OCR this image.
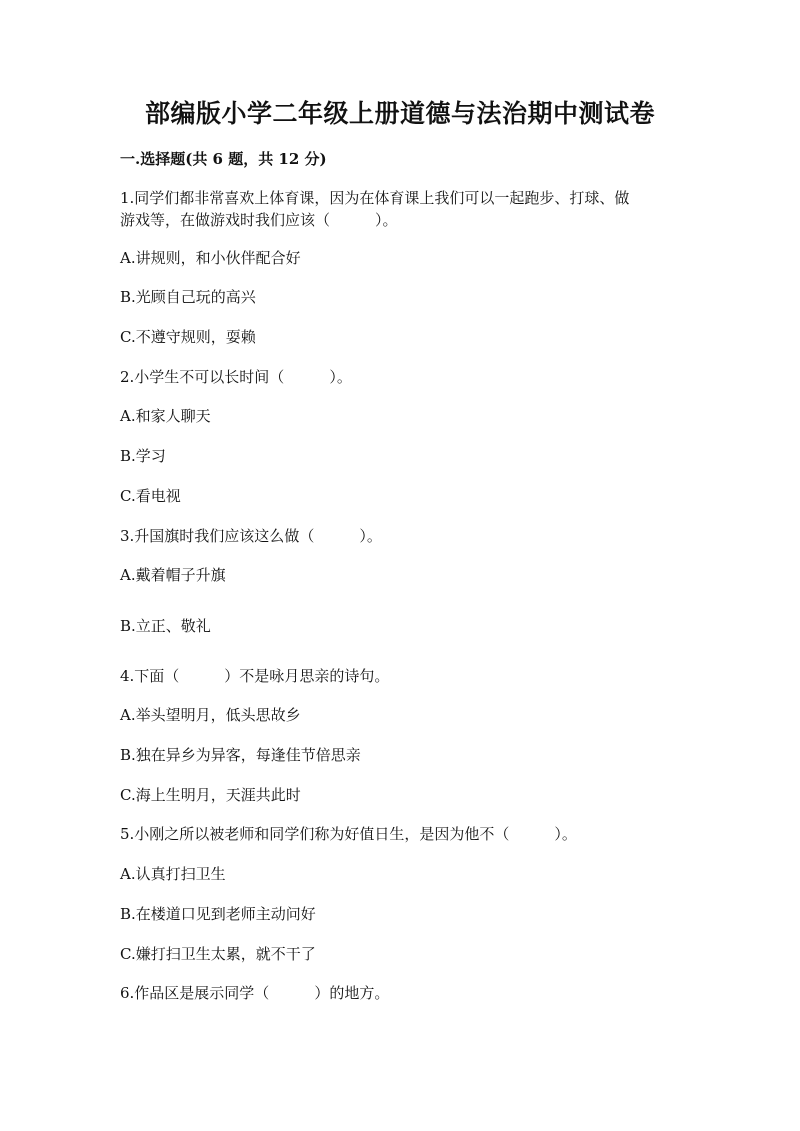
部编版小学二年级上册道德与法治期中测试卷
一.选择题(共 6 题，共 12 分)
1.同学们都非常喜欢上体育课，因为在体育课上我们可以一起跑步、打球、做
游戏等，在做游戏时我们应该（　　　）。
A.讲规则，和小伙伴配合好
B.光顾自己玩的高兴
C.不遵守规则，耍赖
2.小学生不可以长时间（　　　）。
A.和家人聊天
B.学习
C.看电视
3.升国旗时我们应该这么做（　　　）。
A.戴着帽子升旗
B.立正、敬礼
4.下面（　　　）不是咏月思亲的诗句。
A.举头望明月，低头思故乡
B.独在异乡为异客，每逢佳节倍思亲
C.海上生明月，天涯共此时
5.小刚之所以被老师和同学们称为好值日生，是因为他不（　　　）。
A.认真打扫卫生
B.在楼道口见到老师主动问好
C.嫌打扫卫生太累，就不干了
6.作品区是展示同学（　　　）的地方。
